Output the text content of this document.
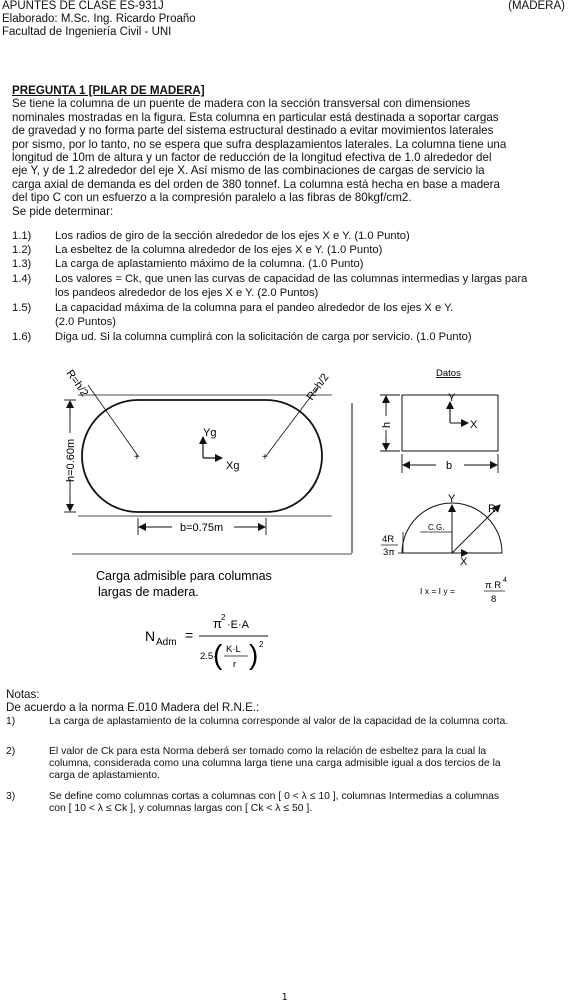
APUNTES DE CLASE ES-931J	(MADERA)
Elaborado: M.Sc. Ing. Ricardo Proaño
Facultad de Ingeniería Civil - UNI
PREGUNTA 1 [PILAR DE MADERA]
Se tiene la columna de un puente de madera con la sección transversal con dimensiones
nominales mostradas en la figura. Esta columna en particular está destinada a soportar cargas
de gravedad y no forma parte del sistema estructural destinado a evitar movimientos laterales
por sismo, por lo tanto, no se espera que sufra desplazamientos laterales. La columna tiene una
longitud de 10m de altura y un factor de reducción de la longitud efectiva de 1.0 alrededor del
eje Y, y de 1.2 alrededor del eje X. Así mismo de las combinaciones de cargas de servicio la
carga axial de demanda es del orden de 380 tonnef. La columna está hecha en base a madera
del tipo C con un esfuerzo a la compresión paralelo a las fibras de 80kgf/cm2.
Se pide determinar:
1.1)	Los radios de giro de la sección alrededor de los ejes X e Y. (1.0 Punto)
1.2)	La esbeltez de la columna alrededor de los ejes X e Y. (1.0 Punto)
1.3)	La carga de aplastamiento máximo de la columna. (1.0 Punto)
1.4)	Los valores = Ck, que unen las curvas de capacidad de las columnas intermedias y largas para
los pandeos alrededor de los ejes X e Y. (2.0 Puntos)
1.5)	La capacidad máxima de la columna para el pandeo alrededor de los ejes X e Y.
(2.0 Puntos)
1.6)	Diga ud. Si la columna cumplirá con la solicitación de carga por servicio. (1.0 Punto)
R=h/2
+
R=h/2
+
Yg
Xg
h=0.60m
b=0.75m
Datos
Y
X
h
b
Y
R
C.G.
X
4R
3π
I x = I y =	π R 4
8
Carga admisible para columnas
largas de madera.
N Adm =
π 2
·E·A
2.5·
( K·L
r ) 2
Notas:
De acuerdo a la norma E.010 Madera del R.N.E.:
1)	La carga de aplastamiento de la columna corresponde al valor de la capacidad de la columna corta.
2)	El valor de Ck para esta Norma deberá ser tomado como la relación de esbeltez para la cual la
columna, considerada como una columna larga tiene una carga admisible igual a dos tercios de la
carga de aplastamiento.
3)	Se define como columnas cortas a columnas con [ 0 < λ ≤ 10 ], columnas Intermedias a columnas
con [ 10 < λ ≤ Ck ], y columnas largas con [ Ck < λ ≤ 50 ].
1
